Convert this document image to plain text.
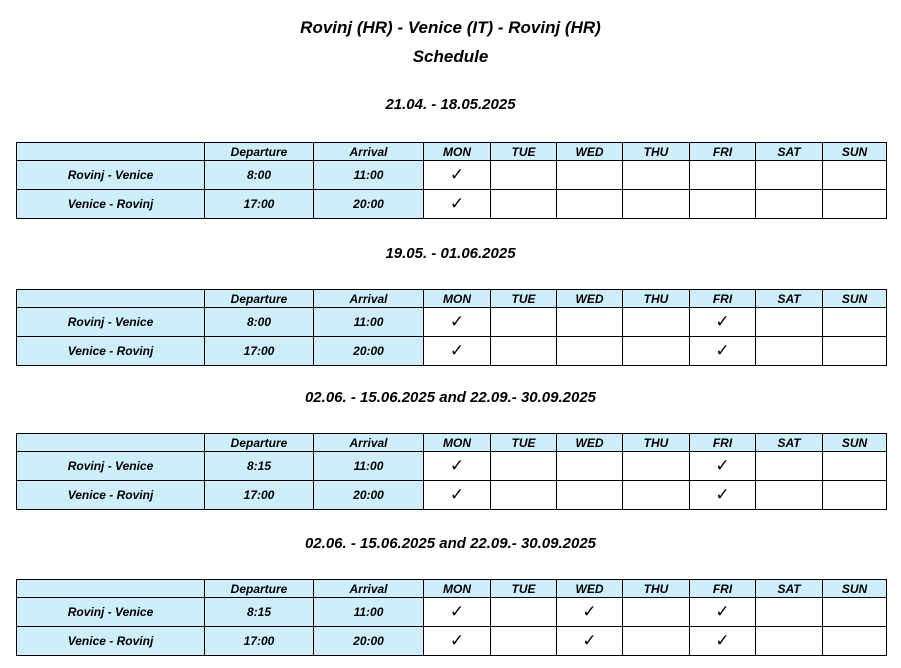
Rovinj (HR) - Venice (IT) - Rovinj (HR)
Schedule
21.04. - 18.05.2025
	Departure	Arrival	MON	TUE	WED	THU	FRI	SAT	SUN
Rovinj - Venice	8:00	11:00	✓						
Venice - Rovinj	17:00	20:00	✓						
19.05. - 01.06.2025
	Departure	Arrival	MON	TUE	WED	THU	FRI	SAT	SUN
Rovinj - Venice	8:00	11:00	✓				✓		
Venice - Rovinj	17:00	20:00	✓				✓		
02.06. - 15.06.2025 and 22.09.- 30.09.2025
	Departure	Arrival	MON	TUE	WED	THU	FRI	SAT	SUN
Rovinj - Venice	8:15	11:00	✓				✓		
Venice - Rovinj	17:00	20:00	✓				✓		
02.06. - 15.06.2025 and 22.09.- 30.09.2025
	Departure	Arrival	MON	TUE	WED	THU	FRI	SAT	SUN
Rovinj - Venice	8:15	11:00	✓		✓		✓		
Venice - Rovinj	17:00	20:00	✓		✓		✓		
